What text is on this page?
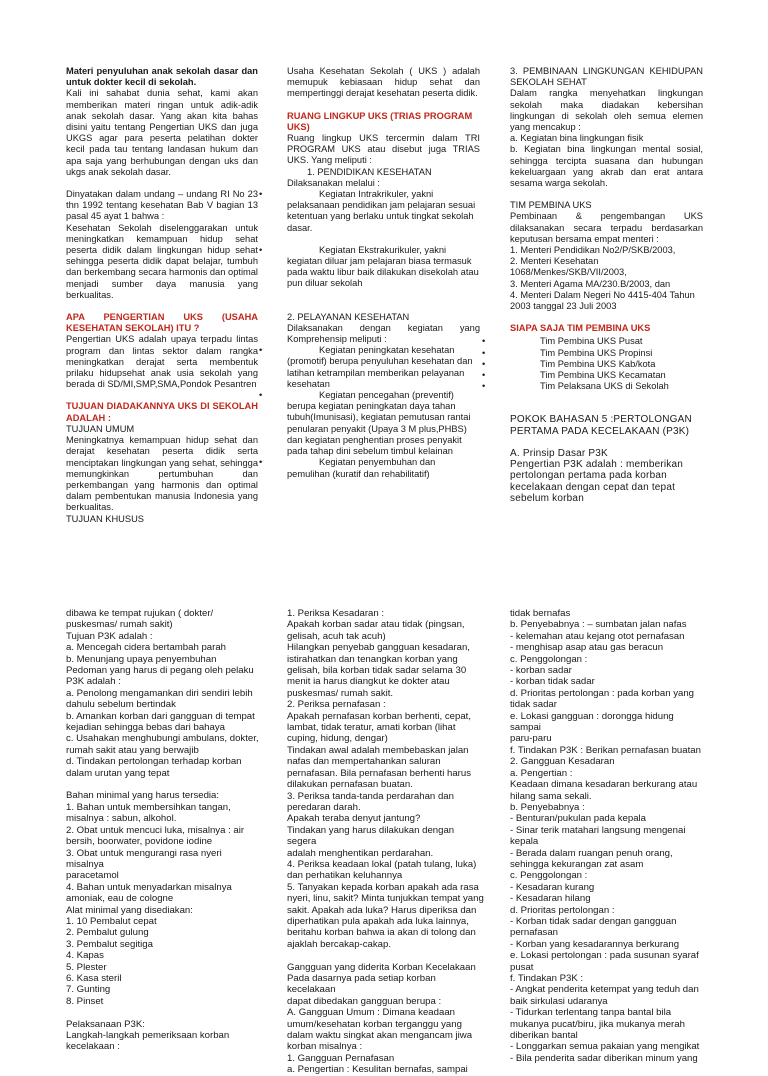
Materi penyuluhan anak sekolah dasar dan untuk dokter kecil di sekolah.

Kali ini sahabat dunia sehat, kami akan memberikan materi ringan untuk adik-adik anak sekolah dasar. Yang akan kita bahas disini yaitu tentang Pengertian UKS dan juga UKGS agar para peserta pelatihan dokter kecil pada tau tentang landasan hukum dan apa saja yang berhubungan dengan uks dan ukgs anak sekolah dasar.

Dinyatakan dalam undang – undang RI No 23 thn 1992 tentang kesehatan Bab V bagian 13 pasal 45 ayat 1 bahwa :

Kesehatan Sekolah diselenggarakan untuk meningkatkan kemampuan hidup sehat peserta didik dalam lingkungan hidup sehat sehingga peserta didik dapat belajar, tumbuh dan berkembang secara harmonis dan optimal menjadi sumber daya manusia yang berkualitas.

APA PENGERTIAN UKS (USAHA KESEHATAN SEKOLAH) ITU ?

Pengertian UKS adalah upaya terpadu lintas program dan lintas sektor dalam rangka meningkatkan derajat serta membentuk prilaku hidupsehat anak usia sekolah yang berada di SD/MI,SMP,SMA,Pondok Pesantren

TUJUAN DIADAKANNYA UKS DI SEKOLAH ADALAH :

TUJUAN UMUM

Meningkatnya kemampuan hidup sehat dan derajat kesehatan peserta didik serta menciptakan lingkungan yang sehat, sehingga memungkinkan pertumbuhan dan perkembangan yang harmonis dan optimal dalam pembentukan manusia Indonesia yang berkualitas.

TUJUAN KHUSUS

Usaha Kesehatan Sekolah ( UKS ) adalah memupuk kebiasaan hidup sehat dan mempertinggi derajat kesehatan peserta didik.

RUANG LINGKUP UKS (TRIAS PROGRAM UKS)

Ruang lingkup UKS tercermin dalam TRI PROGRAM UKS atau disebut juga TRIAS UKS. Yang meliputi :

1. PENDIDIKAN KESEHATAN

Dilaksanakan melalui :

•	Kegiatan Intrakrikuler, yakni pelaksanaan pendidikan jam pelajaran sesuai ketentuan yang berlaku untuk tingkat sekolah dasar.
•	Kegiatan Ekstrakurikuler, yakni kegiatan diluar jam pelajaran biasa termasuk pada waktu libur baik dilakukan disekolah atau pun diluar sekolah

2. PELAYANAN KESEHATAN

Dilaksanakan dengan kegiatan yang Komprehensip meliputi :

•	Kegiatan peningkatan kesehatan (promotif) berupa penyuluhan kesehatan dan latihan ketrampilan memberikan pelayanan kesehatan
•	Kegiatan pencegahan (preventif) berupa kegiatan peningkatan daya tahan tubuh(Imunisasi), kegiatan pemutusan rantai penularan penyakit (Upaya 3 M plus,PHBS) dan kegiatan penghentian proses penyakit pada tahap dini sebelum timbul kelainan
•	Kegiatan penyembuhan dan pemulihan (kuratif dan rehabilitatif)

3. PEMBINAAN LINGKUNGAN KEHIDUPAN SEKOLAH SEHAT

Dalam rangka menyehatkan lingkungan sekolah maka diadakan kebersihan lingkungan di sekolah oleh semua elemen yang mencakup :

a. Kegiatan bina lingkungan fisik

b. Kegiatan bina lingkungan mental sosial, sehingga tercipta suasana dan hubungan kekeluargaan yang akrab dan erat antara sesama warga sekolah.

TIM PEMBINA UKS

Pembinaan & pengembangan UKS dilaksanakan secara terpadu berdasarkan keputusan bersama empat menteri :

1. Menteri Pendidikan No2/P/SKB/2003,

2. Menteri Kesehatan 1068/Menkes/SKB/VII/2003,

3. Menteri Agama MA/230.B/2003, dan

4. Menteri Dalam Negeri No 4415-404 Tahun 2003 tanggal 23 Juli 2003

SIAPA SAJA TIM PEMBINA UKS

•	Tim Pembina UKS Pusat
•	Tim Pembina UKS Propinsi
•	Tim Pembina UKS Kab/kota
•	Tim Pembina UKS Kecamatan
•	Tim Pelaksana UKS di Sekolah

POKOK BAHASAN 5 :PERTOLONGAN PERTAMA PADA KECELAKAAN (P3K)

A. Prinsip Dasar P3K

Pengertian P3K adalah : memberikan pertolongan pertama pada korban kecelakaan dengan cepat dan tepat sebelum korban

dibawa ke tempat rujukan ( dokter/

puskesmas/ rumah sakit)

Tujuan P3K adalah :

a. Mencegah cidera bertambah parah

b. Menunjang upaya penyembuhan

Pedoman yang harus di pegang oleh pelaku

P3K adalah :

a. Penolong mengamankan diri sendiri lebih

dahulu sebelum bertindak

b. Amankan korban dari gangguan di tempat

kejadian sehingga bebas dari bahaya

c. Usahakan menghubungi ambulans, dokter,

rumah sakit atau yang berwajib

d. Tindakan pertolongan terhadap korban

dalam urutan yang tepat

Bahan minimal yang harus tersedia:

1. Bahan untuk membersihkan tangan,

misalnya : sabun, alkohol.

2. Obat untuk mencuci luka, misalnya : air

bersih, boorwater, povidone iodine

3. Obat untuk mengurangi rasa nyeri misalnya

paracetamol

4. Bahan untuk menyadarkan misalnya

amoniak, eau de cologne

Alat minimal yang disediakan:

1. 10 Pembalut cepat

2. Pembalut gulung

3. Pembalut segitiga

4. Kapas

5. Plester

6. Kasa steril

7. Gunting

8. Pinset

Pelaksanaan P3K:

Langkah-langkah pemeriksaan korban

kecelakaan :

1. Periksa Kesadaran :

Apakah korban sadar atau tidak (pingsan,

gelisah, acuh tak acuh)

Hilangkan penyebab gangguan kesadaran,

istirahatkan dan tenangkan korban yang

gelisah, bila korban tidak sadar selama 30

menit ia harus diangkut ke dokter atau

puskesmas/ rumah sakit.

2. Periksa pernafasan :

Apakah pernafasan korban berhenti, cepat,

lambat, tidak teratur, amati korban (lihat

cuping, hidung, dengar)

Tindakan awal adalah membebaskan jalan

nafas dan mempertahankan saluran

pernafasan. Bila pernafasan berhenti harus

dilakukan pernafasan buatan.

3. Periksa tanda-tanda perdarahan dan

peredaran darah.

Apakah teraba denyut jantung?

Tindakan yang harus dilakukan dengan segera

adalah menghentikan perdarahan.

4. Periksa keadaan lokal (patah tulang, luka)

dan perhatikan keluhannya

5. Tanyakan kepada korban apakah ada rasa

nyeri, linu, sakit? Minta tunjukkan tempat yang

sakit. Apakah ada luka? Harus diperiksa dan

diperhatikan pula apakah ada luka lainnya,

beritahu korban bahwa ia akan di tolong dan

ajaklah bercakap-cakap.

Gangguan yang diderita Korban Kecelakaan

Pada dasarnya pada setiap korban kecelakaan

dapat dibedakan gangguan berupa :

A. Gangguan Umum : Dimana keadaan

umum/kesehatan korban terganggu yang

dalam waktu singkat akan mengancam jiwa

korban misalnya :

1. Gangguan Pernafasan

a. Pengertian : Kesulitan bernafas, sampai

tidak bernafas

b. Penyebabnya : – sumbatan jalan nafas

- kelemahan atau kejang otot pernafasan

- menghisap asap atau gas beracun

c. Penggolongan :

- korban sadar

- korban tidak sadar

d. Prioritas pertolongan : pada korban yang

tidak sadar

e. Lokasi gangguan : dorongga hidung sampai

paru-paru

f. Tindakan P3K : Berikan pernafasan buatan

2. Gangguan Kesadaran

a. Pengertian :

Keadaan dimana kesadaran berkurang atau

hilang sama sekali.

b. Penyebabnya :

- Benturan/pukulan pada kepala

- Sinar terik matahari langsung mengenai

kepala

- Berada dalam ruangan penuh orang,

sehingga kekurangan zat asam

c. Penggolongan :

- Kesadaran kurang

- Kesadaran hilang

d. Prioritas pertolongan :

- Korban tidak sadar dengan gangguan

pernafasan

- Korban yang kesadarannya berkurang

e. Lokasi pertolongan : pada susunan syaraf

pusat

f. Tindakan P3K :

- Angkat penderita ketempat yang teduh dan

baik sirkulasi udaranya

- Tidurkan terlentang tanpa bantal bila

mukanya pucat/biru, jika mukanya merah

diberikan bantal

- Longgarkan semua pakaian yang mengikat

- Bila penderita sadar diberikan minum yang
